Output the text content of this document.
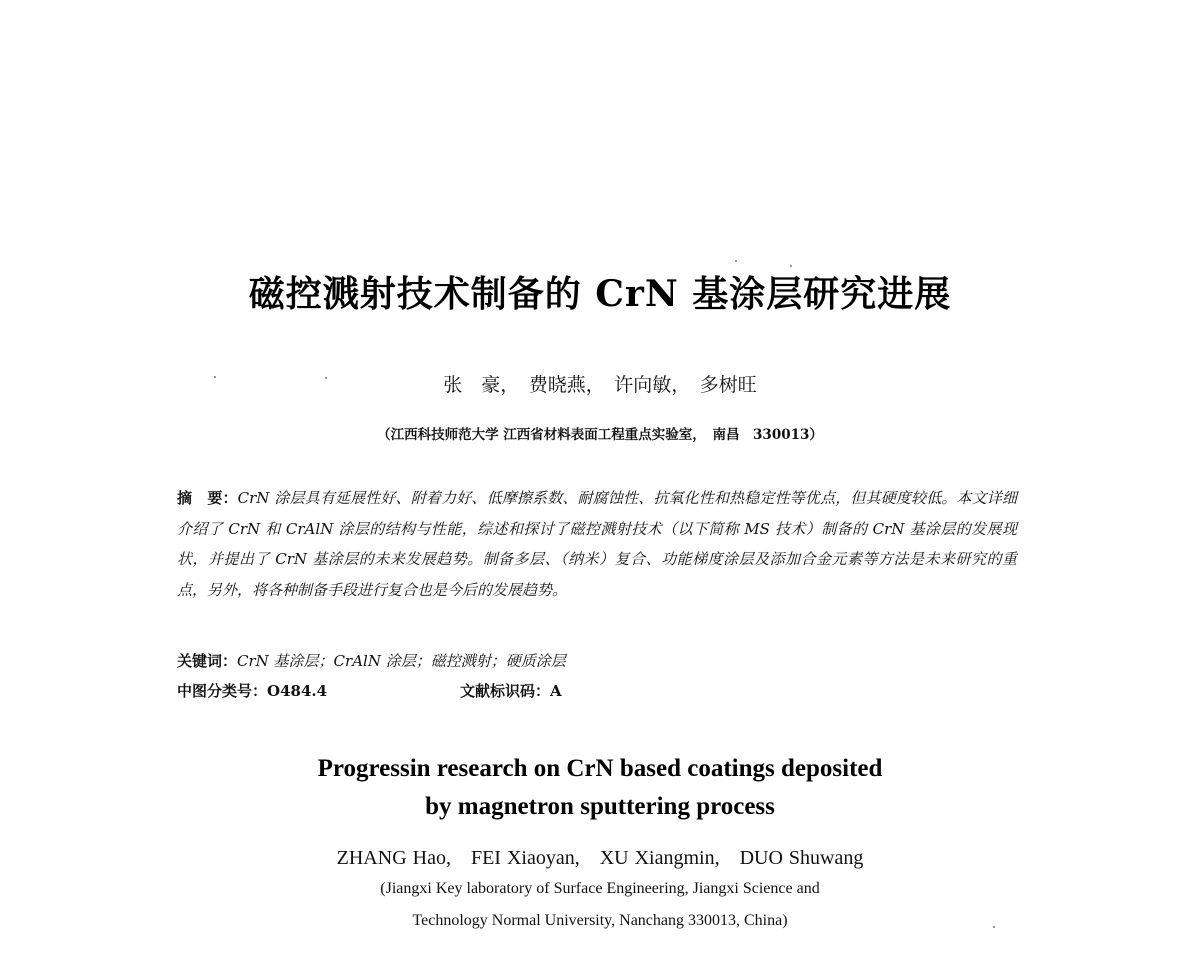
磁控溅射技术制备的 CrN 基涂层研究进展
张　豪，　费晓燕，　许向敏，　多树旺
（江西科技师范大学 江西省材料表面工程重点实验室，　南昌　330013）
摘　要：CrN 涂层具有延展性好、附着力好、低摩擦系数、耐腐蚀性、抗氧化性和热稳定性等优点，但其硬度较低。本文详细介绍了 CrN 和 CrAlN 涂层的结构与性能，综述和探讨了磁控溅射技术（以下简称 MS 技术）制备的 CrN 基涂层的发展现状，并提出了 CrN 基涂层的未来发展趋势。制备多层、（纳米）复合、功能梯度涂层及添加合金元素等方法是未来研究的重点，另外，将各种制备手段进行复合也是今后的发展趋势。
关键词：CrN 基涂层；CrAlN 涂层；磁控溅射；硬质涂层
中图分类号：O484.4	文献标识码：A
Progressin research on CrN based coatings deposited
by magnetron sputtering process
ZHANG Hao,　FEI Xiaoyan,　XU Xiangmin,　DUO Shuwang
(Jiangxi Key laboratory of Surface Engineering, Jiangxi Science and
Technology Normal University, Nanchang 330013, China)
